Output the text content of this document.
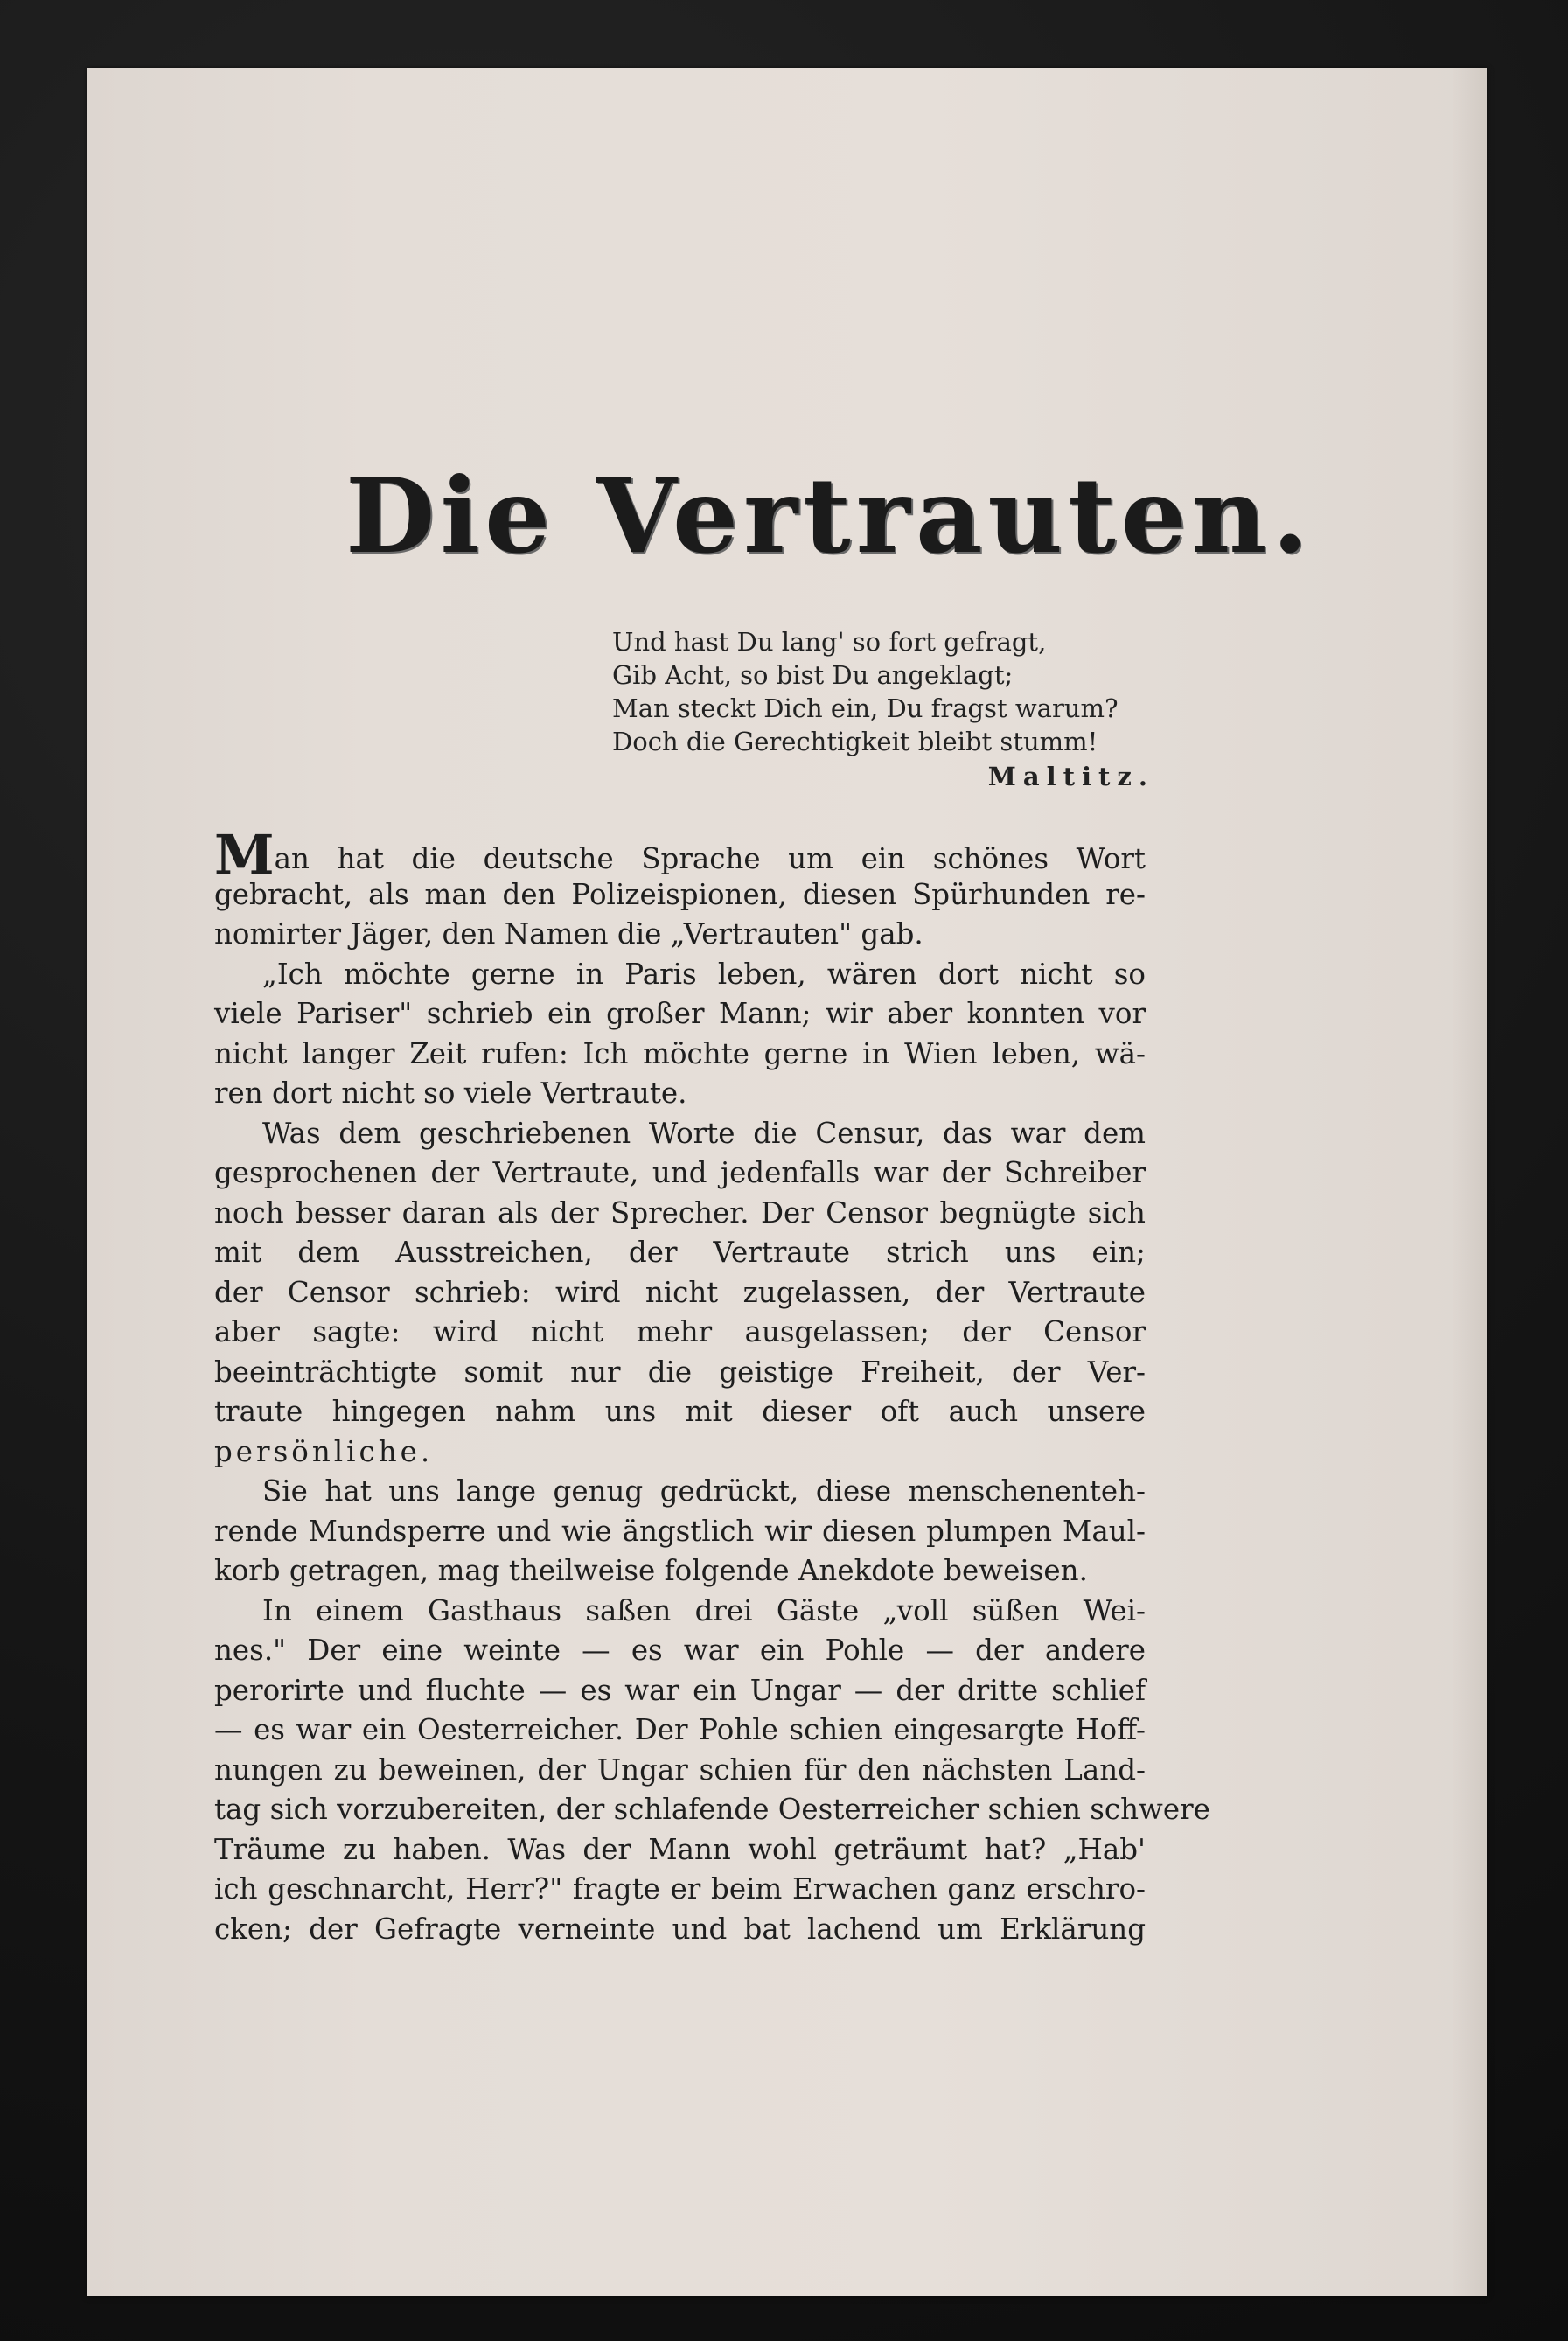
Die Vertrauten.
Und hast Du lang' so fort gefragt,
Gib Acht, so bist Du angeklagt;
Man steckt Dich ein, Du fragst warum?
Doch die Gerechtigkeit bleibt stumm!
Maltitz.
Man hat die deutsche Sprache um ein schönes Wort
gebracht, als man den Polizeispionen, diesen Spürhunden re-
nomirter Jäger, den Namen die „Vertrauten" gab.
„Ich möchte gerne in Paris leben, wären dort nicht so
viele Pariser" schrieb ein großer Mann; wir aber konnten vor
nicht langer Zeit rufen: Ich möchte gerne in Wien leben, wä-
ren dort nicht so viele Vertraute.
Was dem geschriebenen Worte die Censur, das war dem
gesprochenen der Vertraute, und jedenfalls war der Schreiber
noch besser daran als der Sprecher. Der Censor begnügte sich
mit dem Ausstreichen, der Vertraute strich uns ein;
der Censor schrieb: wird nicht zugelassen, der Vertraute
aber sagte: wird nicht mehr ausgelassen; der Censor
beeinträchtigte somit nur die geistige Freiheit, der Ver-
traute hingegen nahm uns mit dieser oft auch unsere
persönliche.
Sie hat uns lange genug gedrückt, diese menschenenteh-
rende Mundsperre und wie ängstlich wir diesen plumpen Maul-
korb getragen, mag theilweise folgende Anekdote beweisen.
In einem Gasthaus saßen drei Gäste „voll süßen Wei-
nes." Der eine weinte — es war ein Pohle — der andere
perorirte und fluchte — es war ein Ungar — der dritte schlief
— es war ein Oesterreicher. Der Pohle schien eingesargte Hoff-
nungen zu beweinen, der Ungar schien für den nächsten Land-
tag sich vorzubereiten, der schlafende Oesterreicher schien schwere
Träume zu haben. Was der Mann wohl geträumt hat? „Hab'
ich geschnarcht, Herr?" fragte er beim Erwachen ganz erschro-
cken; der Gefragte verneinte und bat lachend um Erklärung
